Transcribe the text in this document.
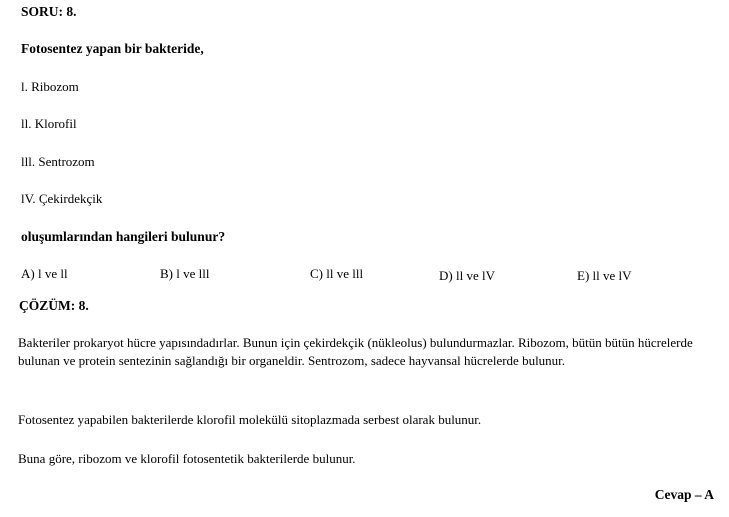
SORU: 8.
Fotosentez yapan bir bakteride,
l. Ribozom
ll. Klorofil
lll. Sentrozom
lV. Çekirdekçik
oluşumlarından hangileri bulunur?
A) l ve ll	B) l ve lll	C) ll ve lll	D) ll ve lV	E) ll ve lV
ÇÖZÜM: 8.
Bakteriler prokaryot hücre yapısındadırlar. Bunun için çekirdekçik (nükleolus) bulundurmazlar. Ribozom, bütün bütün hücrelerde bulunan ve protein sentezinin sağlandığı bir organeldir. Sentrozom, sadece hayvansal hücrelerde bulunur.
Fotosentez yapabilen bakterilerde klorofil molekülü sitoplazmada serbest olarak bulunur.
Buna göre, ribozom ve klorofil fotosentetik bakterilerde bulunur.
Cevap – A
